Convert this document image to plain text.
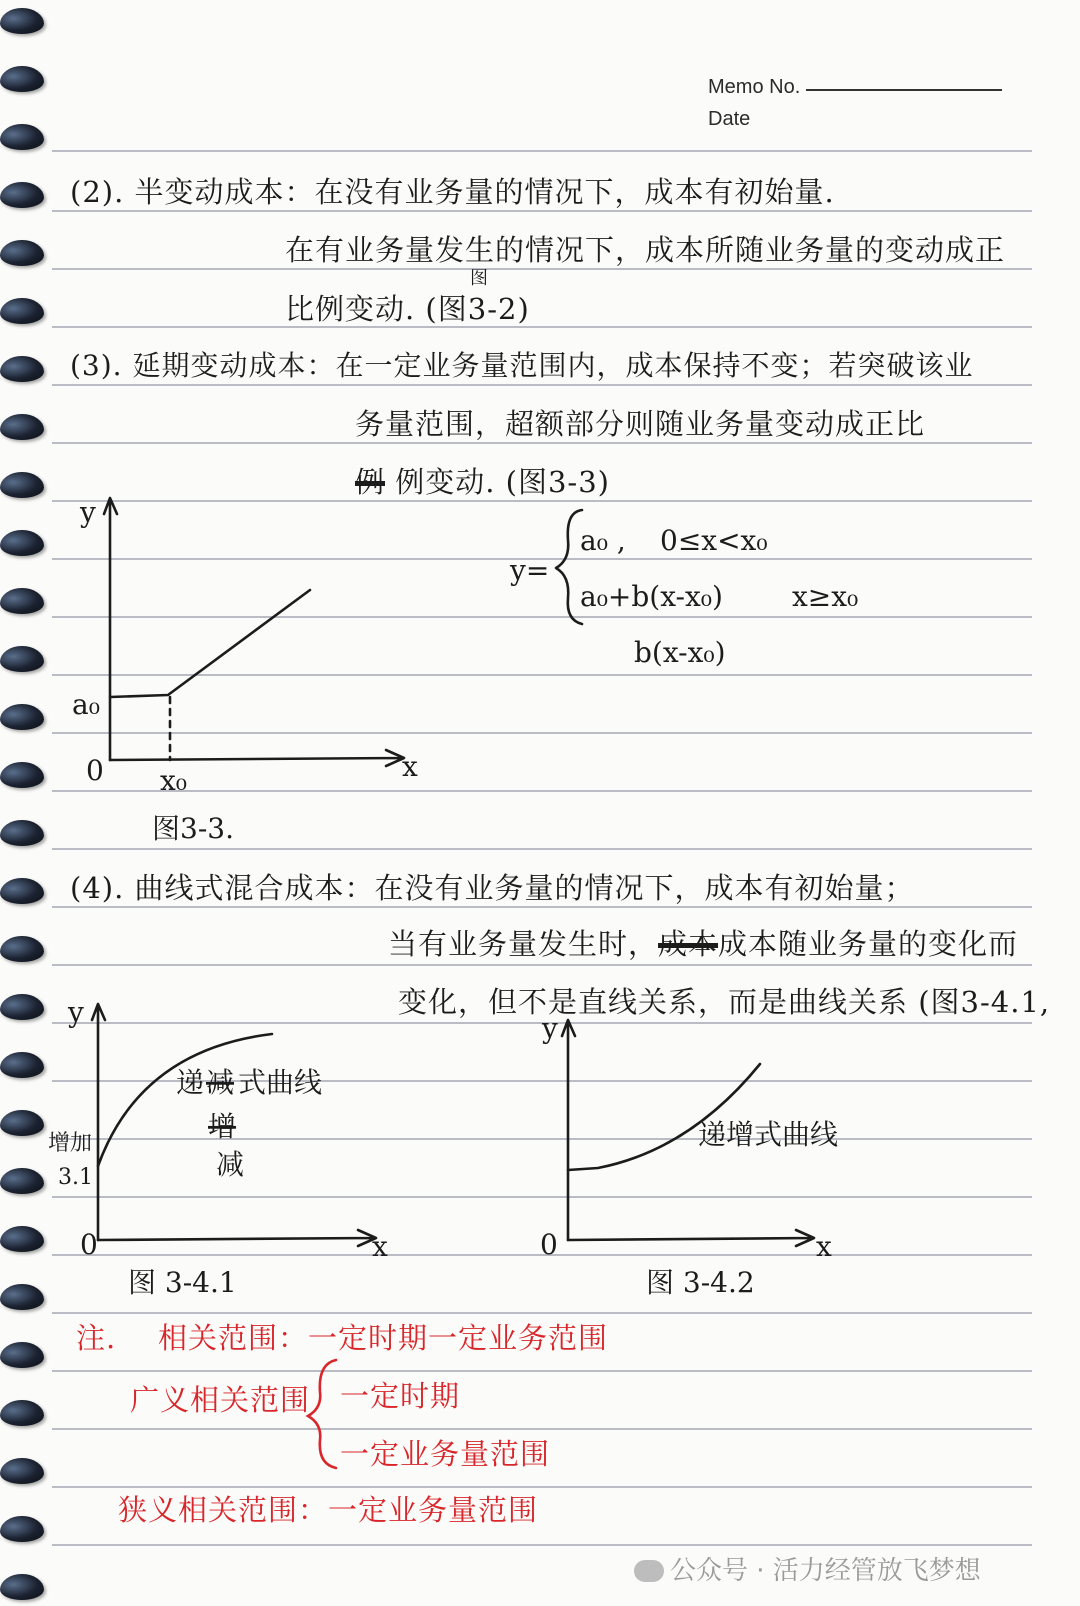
Memo No.
Date
(2). 半变动成本：在没有业务量的情况下，成本有初始量.
在有业务量发生的情况下，成本所随业务量的变动成正
图
比例变动. (图3-2)
(3). 延期变动成本：在一定业务量范围内，成本保持不变；若突破该业
务量范围，超额部分则随业务量变动成正比
例 例变动. (图3-3)
y
x
0
a₀
x₀
图3-3.
y=
a₀ , 0≤x<x₀
a₀+b(x-x₀) x≥x₀
b(x-x₀)
(4). 曲线式混合成本：在没有业务量的情况下，成本有初始量；
当有业务量发生时，成本成本随业务量的变化而
变化，但不是直线关系，而是曲线关系 (图3-4.1,
y
x
0
增加
3.1
递 减 式曲线
增
减
图 3-4.1
y
x
0
递增式曲线
图 3-4.2
注. 相关范围：一定时期一定业务范围
广义相关范围 一定时期
一定业务量范围
狭义相关范围：一定业务量范围
公众号 · 活力经管放飞梦想
